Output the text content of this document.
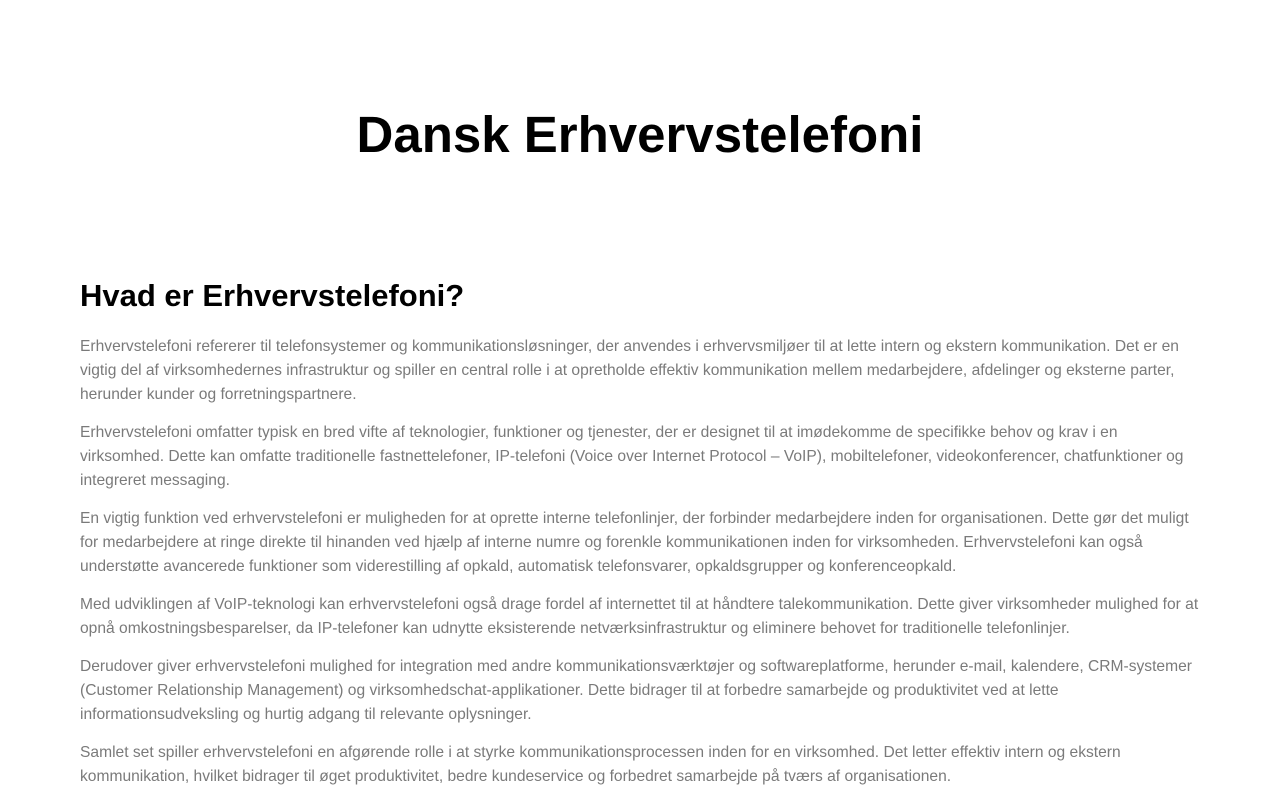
Dansk Erhvervstelefoni
Hvad er Erhvervstelefoni?

Erhvervstelefoni refererer til telefonsystemer og kommunikationsløsninger, der anvendes i erhvervsmiljøer til at lette intern og ekstern kommunikation. Det er en vigtig del af virksomhedernes infrastruktur og spiller en central rolle i at opretholde effektiv kommunikation mellem medarbejdere, afdelinger og eksterne parter, herunder kunder og forretningspartnere.

Erhvervstelefoni omfatter typisk en bred vifte af teknologier, funktioner og tjenester, der er designet til at imødekomme de specifikke behov og krav i en virksomhed. Dette kan omfatte traditionelle fastnettelefoner, IP-telefoni (Voice over Internet Protocol – VoIP), mobiltelefoner, videokonferencer, chatfunktioner og integreret messaging.

En vigtig funktion ved erhvervstelefoni er muligheden for at oprette interne telefonlinjer, der forbinder medarbejdere inden for organisationen. Dette gør det muligt for medarbejdere at ringe direkte til hinanden ved hjælp af interne numre og forenkle kommunikationen inden for virksomheden. Erhvervstelefoni kan også understøtte avancerede funktioner som viderestilling af opkald, automatisk telefonsvarer, opkaldsgrupper og konferenceopkald.

Med udviklingen af VoIP-teknologi kan erhvervstelefoni også drage fordel af internettet til at håndtere talekommunikation. Dette giver virksomheder mulighed for at opnå omkostningsbesparelser, da IP-telefoner kan udnytte eksisterende netværksinfrastruktur og eliminere behovet for traditionelle telefonlinjer.

Derudover giver erhvervstelefoni mulighed for integration med andre kommunikationsværktøjer og softwareplatforme, herunder e-mail, kalendere, CRM-systemer (Customer Relationship Management) og virksomhedschat-applikationer. Dette bidrager til at forbedre samarbejde og produktivitet ved at lette informationsudveksling og hurtig adgang til relevante oplysninger.

Samlet set spiller erhvervstelefoni en afgørende rolle i at styrke kommunikationsprocessen inden for en virksomhed. Det letter effektiv intern og ekstern kommunikation, hvilket bidrager til øget produktivitet, bedre kundeservice og forbedret samarbejde på tværs af organisationen.
